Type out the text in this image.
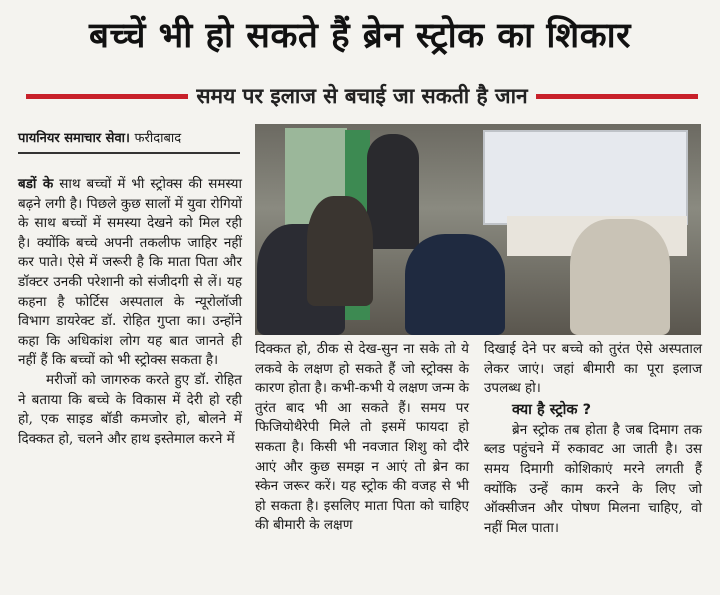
बच्चें भी हो सकते हैं ब्रेन स्ट्रोक का शिकार
समय पर इलाज से बचाई जा सकती है जान
पायनियर समाचार सेवा। फरीदाबाद

बडों के साथ बच्चों में भी स्ट्रोक्स की समस्या बढ़ने लगी है। पिछले कुछ सालों में युवा रोगियों के साथ बच्चों में समस्या देखने को मिल रही है। क्योंकि बच्चे अपनी तकलीफ जाहिर नहीं कर पाते। ऐसे में जरूरी है कि माता पिता और डॉक्टर उनकी परेशानी को संजीदगी से लें। यह कहना है फोर्टिस अस्पताल के न्यूरोलॉजी विभाग डायरेक्ट डॉ. रोहित गुप्ता का। उन्होंने कहा कि अधिकांश लोग यह बात जानते ही नहीं हैं कि बच्चों को भी स्ट्रोक्स सकता है।

मरीजों को जागरुक करते हुए डॉ. रोहित ने बताया कि बच्चे के विकास में देरी हो रही हो, एक साइड बॉडी कमजोर हो, बोलने में दिक्कत हो, चलने और हाथ इस्तेमाल करने में

दिक्कत हो, ठीक से देख-सुन ना सके तो ये लकवे के लक्षण हो सकते हैं जो स्ट्रोक्स के कारण होता है। कभी-कभी ये लक्षण जन्म के तुरंत बाद भी आ सकते हैं। समय पर फिजियोथैरेपी मिले तो इसमें फायदा हो सकता है। किसी भी नवजात शिशु को दौरे आएं और कुछ समझ न आएं तो ब्रेन का स्केन जरूर करें। यह स्ट्रोक की वजह से भी हो सकता है। इसलिए माता पिता को चाहिए की बीमारी के लक्षण

दिखाई देने पर बच्चे को तुरंत ऐसे अस्पताल लेकर जाएं। जहां बीमारी का पूरा इलाज उपलब्ध हो।

क्या है स्ट्रोक ?

ब्रेन स्ट्रोक तब होता है जब दिमाग तक ब्लड पहुंचने में रुकावट आ जाती है। उस समय दिमागी कोशिकाएं मरने लगती हैं क्योंकि उन्हें काम करने के लिए जो ऑक्सीजन और पोषण मिलना चाहिए, वो नहीं मिल पाता।
